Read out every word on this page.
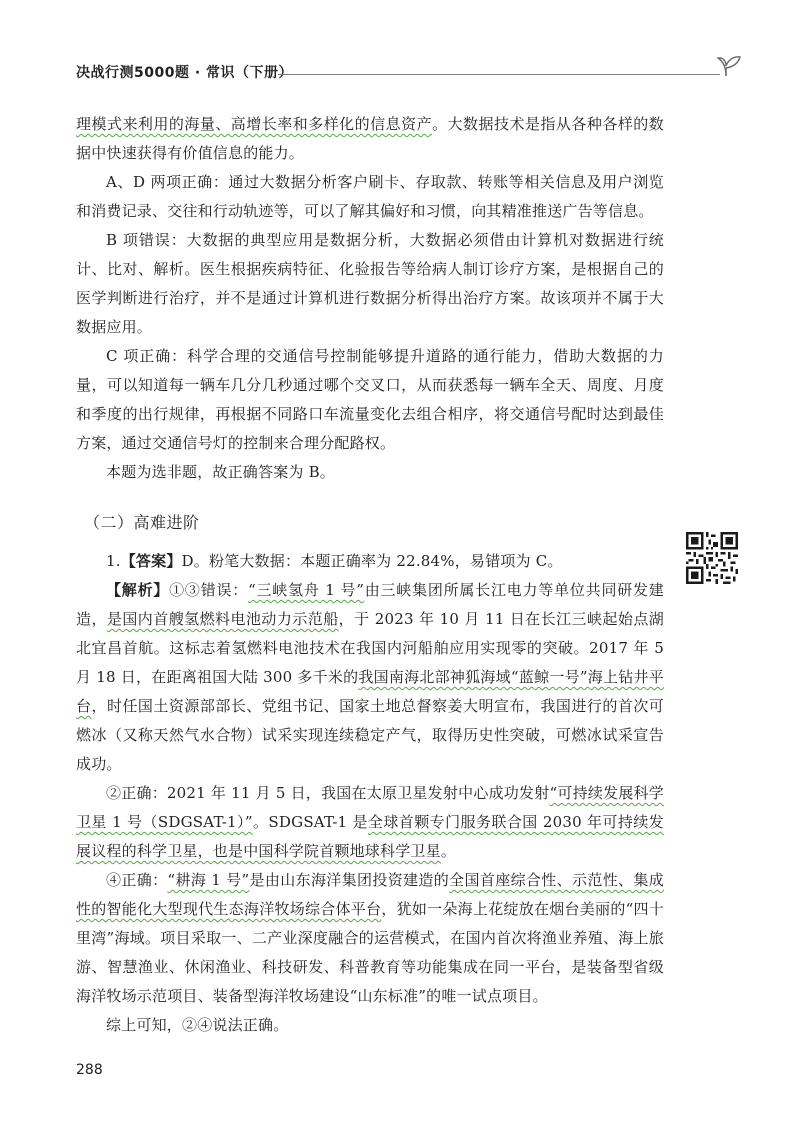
决战行测5000题 · 常识（下册）

理模式来利用的海量、高增长率和多样化的信息资产。大数据技术是指从各种各样的数据中快速获得有价值信息的能力。

A、D 两项正确：通过大数据分析客户刷卡、存取款、转账等相关信息及用户浏览和消费记录、交往和行动轨迹等，可以了解其偏好和习惯，向其精准推送广告等信息。

B 项错误：大数据的典型应用是数据分析，大数据必须借由计算机对数据进行统计、比对、解析。医生根据疾病特征、化验报告等给病人制订诊疗方案，是根据自己的医学判断进行治疗，并不是通过计算机进行数据分析得出治疗方案。故该项并不属于大数据应用。

C 项正确：科学合理的交通信号控制能够提升道路的通行能力，借助大数据的力量，可以知道每一辆车几分几秒通过哪个交叉口，从而获悉每一辆车全天、周度、月度和季度的出行规律，再根据不同路口车流量变化去组合相序，将交通信号配时达到最佳方案，通过交通信号灯的控制来合理分配路权。

本题为选非题，故正确答案为 B。

（二）高难进阶

1.【答案】D。粉笔大数据：本题正确率为 22.84%，易错项为 C。

【解析】①③错误：“三峡氢舟 1 号”由三峡集团所属长江电力等单位共同研发建造，是国内首艘氢燃料电池动力示范船，于 2023 年 10 月 11 日在长江三峡起始点湖北宜昌首航。这标志着氢燃料电池技术在我国内河船舶应用实现零的突破。2017 年 5 月 18 日，在距离祖国大陆 300 多千米的我国南海北部神狐海域“蓝鲸一号”海上钻井平台，时任国土资源部部长、党组书记、国家土地总督察姜大明宣布，我国进行的首次可燃冰（又称天然气水合物）试采实现连续稳定产气，取得历史性突破，可燃冰试采宣告成功。

②正确：2021 年 11 月 5 日，我国在太原卫星发射中心成功发射“可持续发展科学卫星 1 号（SDGSAT-1）”。SDGSAT-1 是全球首颗专门服务联合国 2030 年可持续发展议程的科学卫星，也是中国科学院首颗地球科学卫星。

④正确：“耕海 1 号”是由山东海洋集团投资建造的全国首座综合性、示范性、集成性的智能化大型现代生态海洋牧场综合体平台，犹如一朵海上花绽放在烟台美丽的“四十里湾”海域。项目采取一、二产业深度融合的运营模式，在国内首次将渔业养殖、海上旅游、智慧渔业、休闲渔业、科技研发、科普教育等功能集成在同一平台，是装备型省级海洋牧场示范项目、装备型海洋牧场建设“山东标准”的唯一试点项目。

综上可知，②④说法正确。

288
